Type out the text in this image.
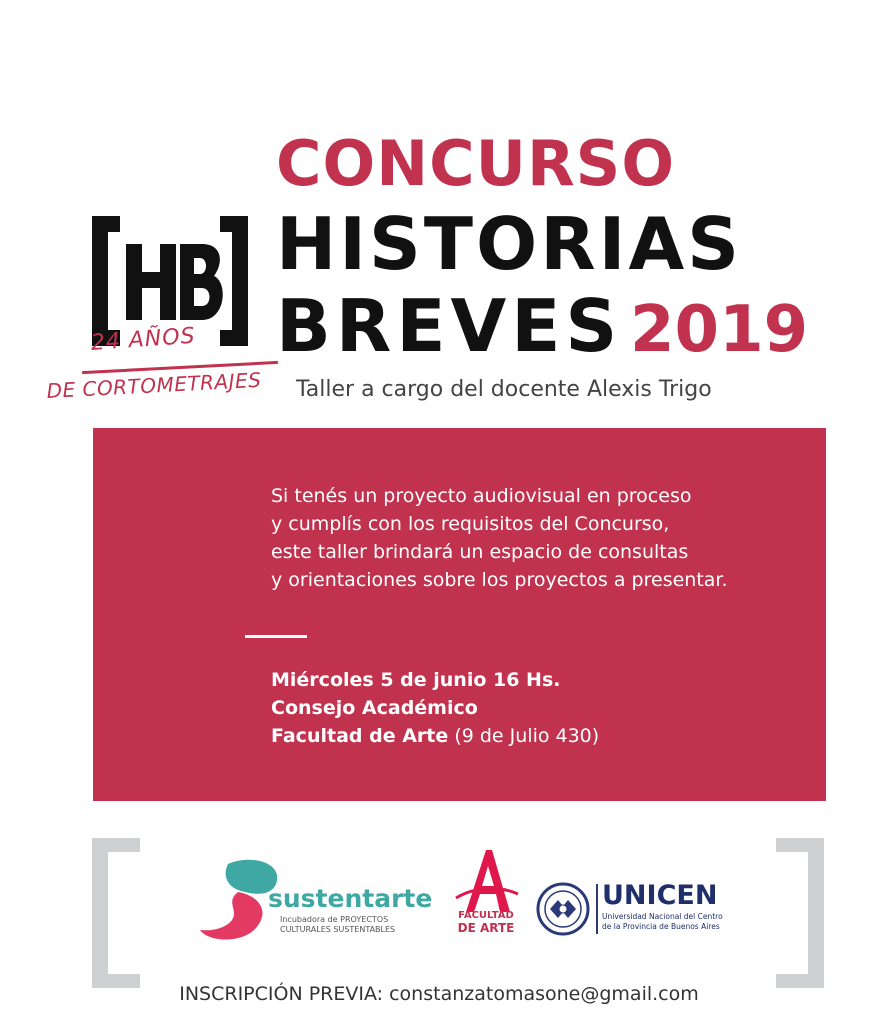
24 AÑOS
DE CORTOMETRAJES
CONCURSO
HISTORIAS
BREVES 2019
Taller a cargo del docente Alexis Trigo

Si tenés un proyecto audiovisual en proceso

y cumplís con los requisitos del Concurso,

este taller brindará un espacio de consultas

y orientaciones sobre los proyectos a presentar.

Miércoles 5 de junio 16 Hs.

Consejo Académico

Facultad de Arte (9 de Julio 430)

sustentarte
Incubadora de PROYECTOS
CULTURALES SUSTENTABLES
FACULTAD
DE ARTE
UNICEN
Universidad Nacional del Centro
de la Provincia de Buenos Aires
INSCRIPCIÓN PREVIA: constanzatomasone@gmail.com
